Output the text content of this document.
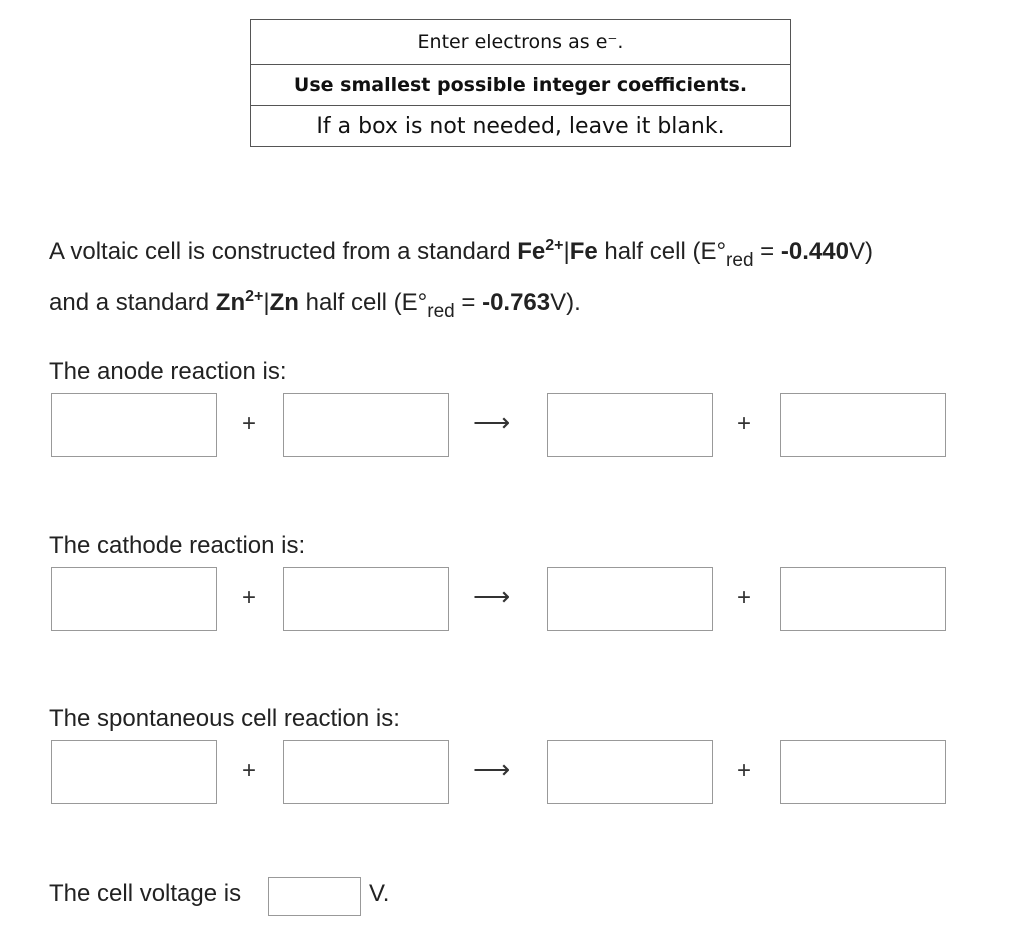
Enter electrons as e⁻.
Use smallest possible integer coefficients.
If a box is not needed, leave it blank.
A voltaic cell is constructed from a standard $Fe^{2+}|Fe$ half cell $(E^\circ_{red} = -0.440V)$
and a standard $Zn^{2+}|Zn$ half cell $(E^\circ_{red} = -0.763V)$.
The anode reaction is:
+	⟶	+
The cathode reaction is:
+	⟶	+
The spontaneous cell reaction is:
+	⟶	+
The cell voltage is	V.
